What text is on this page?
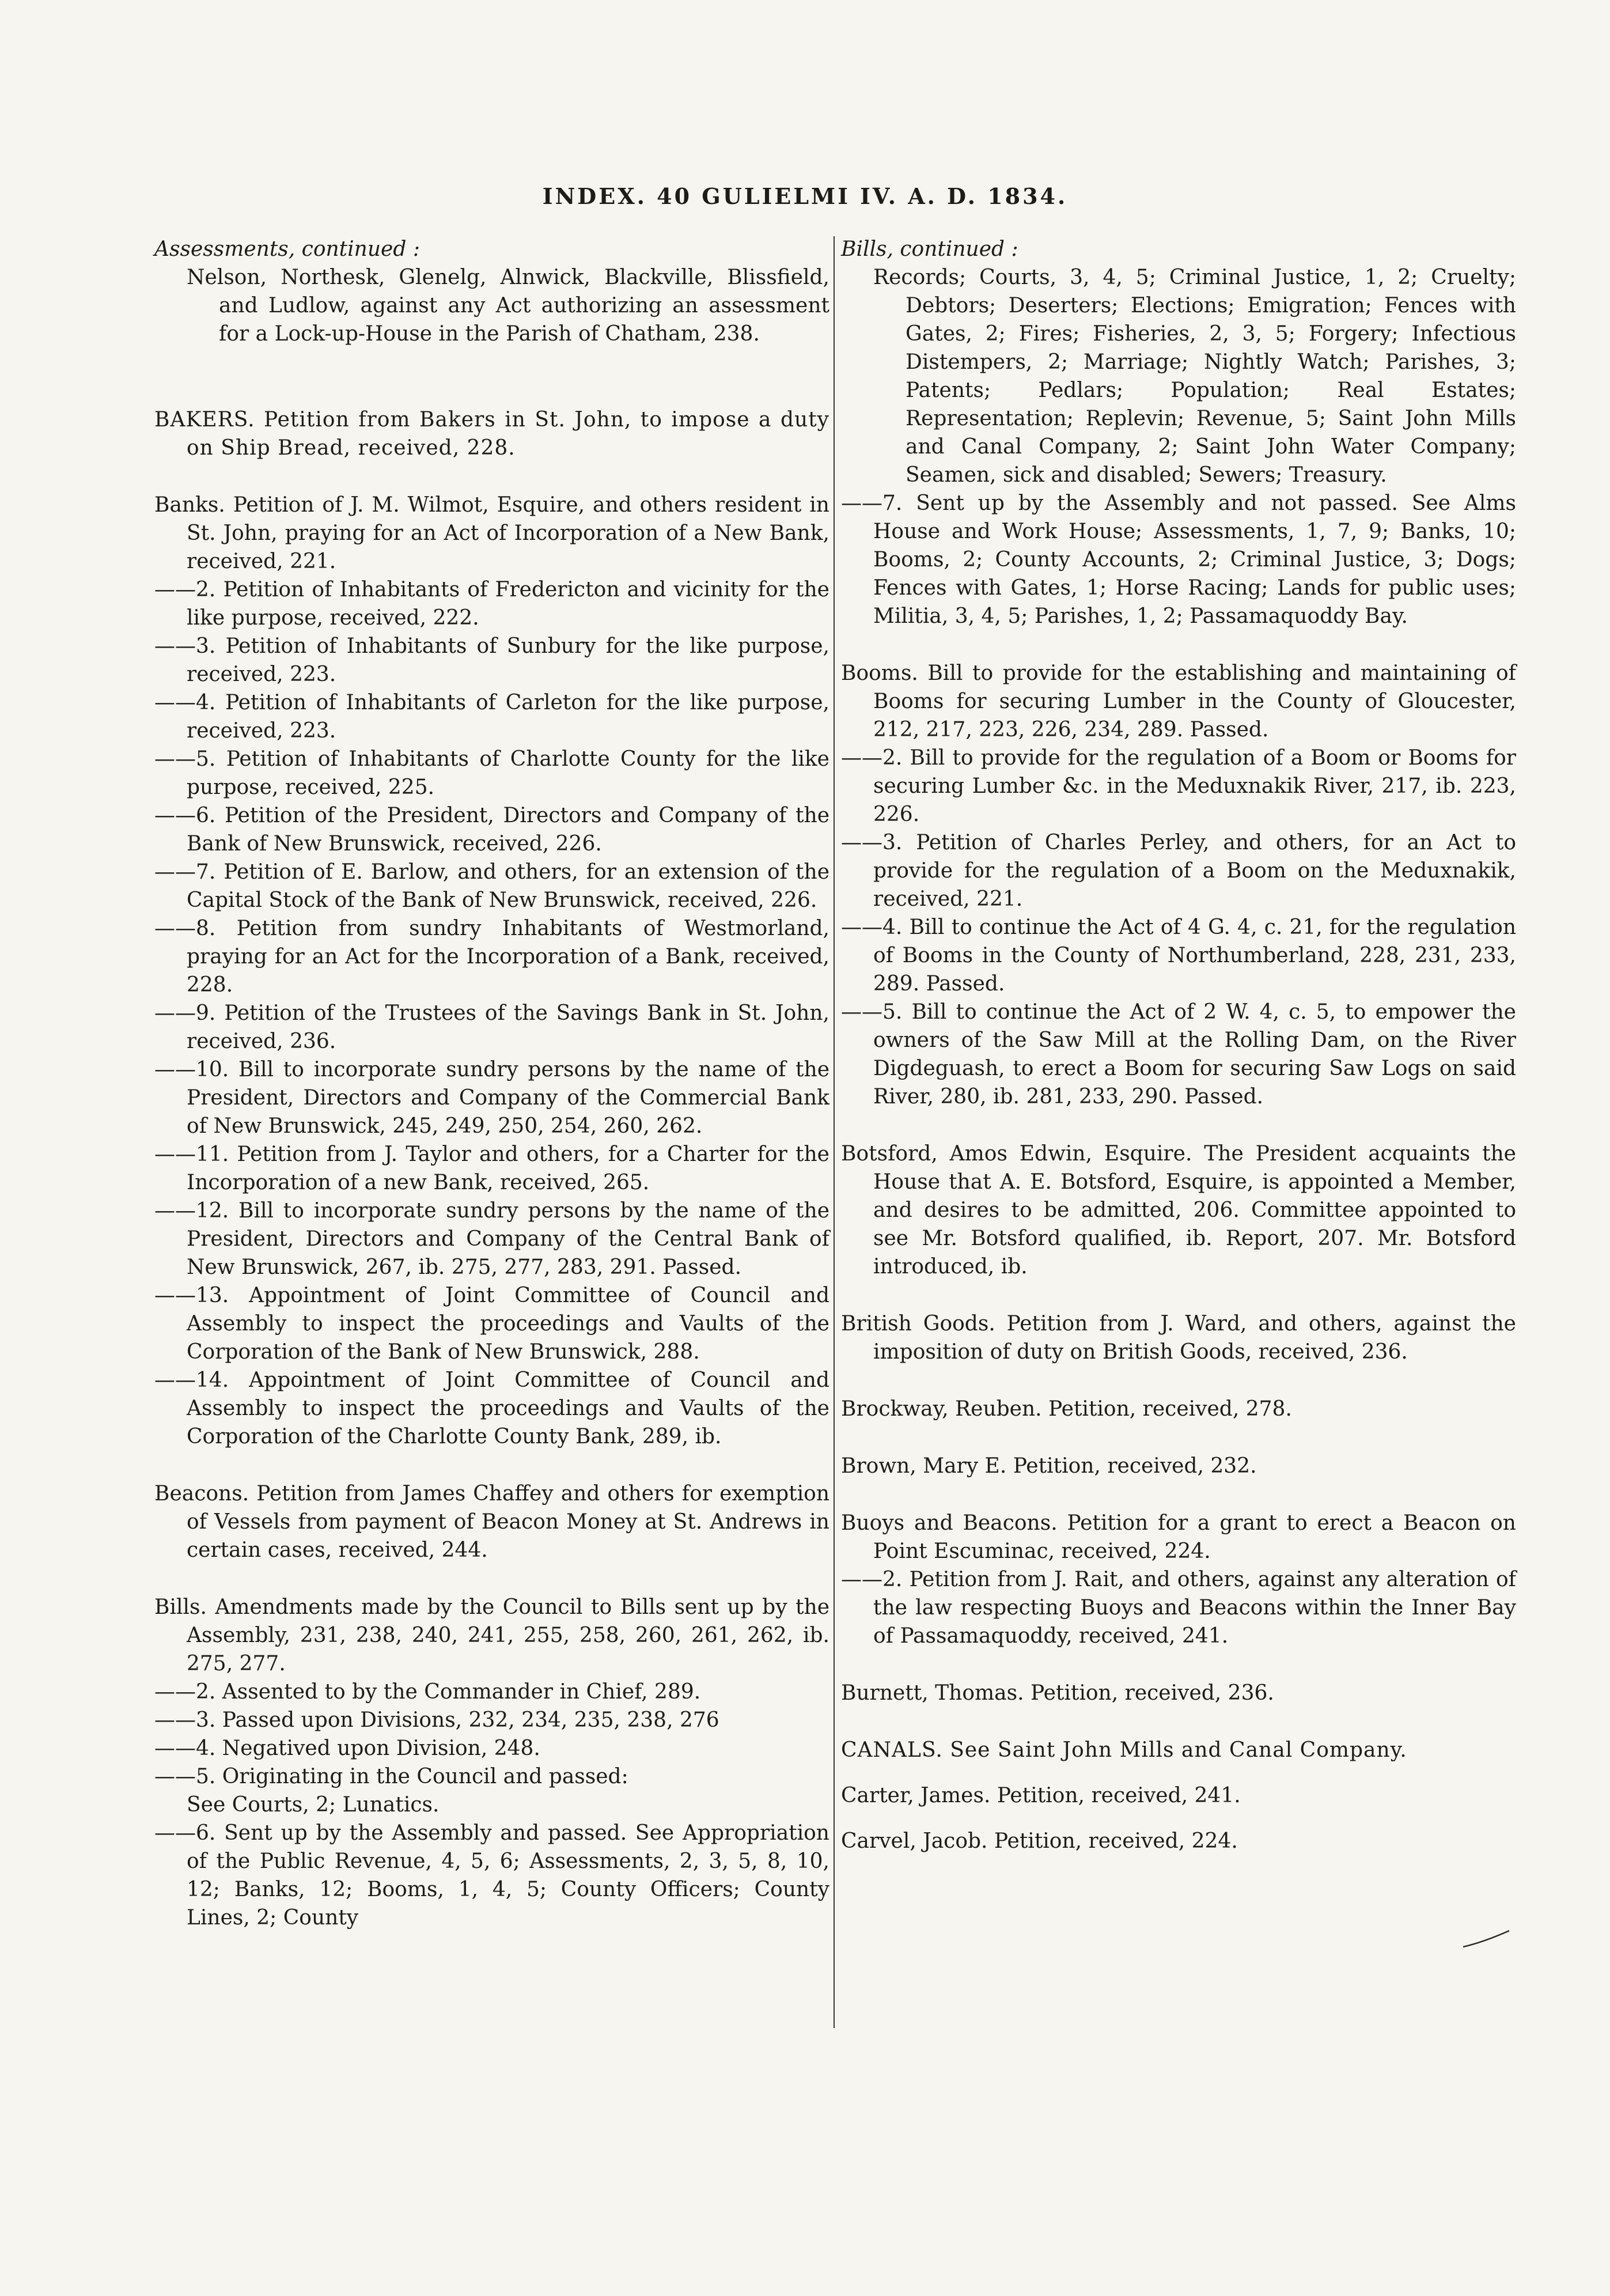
INDEX. 40 GULIELMI IV. A. D. 1834.

Assessments, continued :

Nelson, Northesk, Glenelg, Alnwick, Blackville, Blissfield, and Ludlow, against any Act authorizing an assessment for a Lock-up-House in the Parish of Chatham, 238.

BAKERS. Petition from Bakers in St. John, to impose a duty on Ship Bread, received, 228.

Banks. Petition of J. M. Wilmot, Esquire, and others resident in St. John, praying for an Act of Incorporation of a New Bank, received, 221.

——2. Petition of Inhabitants of Fredericton and vicinity for the like purpose, received, 222.

——3. Petition of Inhabitants of Sunbury for the like purpose, received, 223.

——4. Petition of Inhabitants of Carleton for the like purpose, received, 223.

——5. Petition of Inhabitants of Charlotte County for the like purpose, received, 225.

——6. Petition of the President, Directors and Company of the Bank of New Brunswick, received, 226.

——7. Petition of E. Barlow, and others, for an extension of the Capital Stock of the Bank of New Brunswick, received, 226.

——8. Petition from sundry Inhabitants of Westmorland, praying for an Act for the Incorporation of a Bank, received, 228.

——9. Petition of the Trustees of the Savings Bank in St. John, received, 236.

——10. Bill to incorporate sundry persons by the name of the President, Directors and Company of the Commercial Bank of New Brunswick, 245, 249, 250, 254, 260, 262.

——11. Petition from J. Taylor and others, for a Charter for the Incorporation of a new Bank, received, 265.

——12. Bill to incorporate sundry persons by the name of the President, Directors and Company of the Central Bank of New Brunswick, 267, ib. 275, 277, 283, 291. Passed.

——13. Appointment of Joint Committee of Council and Assembly to inspect the proceedings and Vaults of the Corporation of the Bank of New Brunswick, 288.

——14. Appointment of Joint Committee of Council and Assembly to inspect the proceedings and Vaults of the Corporation of the Charlotte County Bank, 289, ib.

Beacons. Petition from James Chaffey and others for exemption of Vessels from payment of Beacon Money at St. Andrews in certain cases, received, 244.

Bills. Amendments made by the Council to Bills sent up by the Assembly, 231, 238, 240, 241, 255, 258, 260, 261, 262, ib. 275, 277.

——2. Assented to by the Commander in Chief, 289.

——3. Passed upon Divisions, 232, 234, 235, 238, 276

——4. Negatived upon Division, 248.

——5. Originating in the Council and passed:

See Courts, 2; Lunatics.

——6. Sent up by the Assembly and passed. See Appropriation of the Public Revenue, 4, 5, 6; Assessments, 2, 3, 5, 8, 10, 12; Banks, 12; Booms, 1, 4, 5; County Officers; County Lines, 2; County

Bills, continued :

Records; Courts, 3, 4, 5; Criminal Justice, 1, 2; Cruelty; Debtors; Deserters; Elections; Emigration; Fences with Gates, 2; Fires; Fisheries, 2, 3, 5; Forgery; Infectious Distempers, 2; Marriage; Nightly Watch; Parishes, 3; Patents; Pedlars; Population; Real Estates; Representation; Replevin; Revenue, 5; Saint John Mills and Canal Company, 2; Saint John Water Company; Seamen, sick and disabled; Sewers; Treasury.

——7. Sent up by the Assembly and not passed. See Alms House and Work House; Assessments, 1, 7, 9; Banks, 10; Booms, 2; County Accounts, 2; Criminal Justice, 3; Dogs; Fences with Gates, 1; Horse Racing; Lands for public uses; Militia, 3, 4, 5; Parishes, 1, 2; Passamaquoddy Bay.

Booms. Bill to provide for the establishing and maintaining of Booms for securing Lumber in the County of Gloucester, 212, 217, 223, 226, 234, 289. Passed.

——2. Bill to provide for the regulation of a Boom or Booms for securing Lumber &c. in the Meduxnakik River, 217, ib. 223, 226.

——3. Petition of Charles Perley, and others, for an Act to provide for the regulation of a Boom on the Meduxnakik, received, 221.

——4. Bill to continue the Act of 4 G. 4, c. 21, for the regulation of Booms in the County of Northumberland, 228, 231, 233, 289. Passed.

——5. Bill to continue the Act of 2 W. 4, c. 5, to empower the owners of the Saw Mill at the Rolling Dam, on the River Digdeguash, to erect a Boom for securing Saw Logs on said River, 280, ib. 281, 233, 290. Passed.

Botsford, Amos Edwin, Esquire. The President acquaints the House that A. E. Botsford, Esquire, is appointed a Member, and desires to be admitted, 206. Committee appointed to see Mr. Botsford qualified, ib. Report, 207. Mr. Botsford introduced, ib.

British Goods. Petition from J. Ward, and others, against the imposition of duty on British Goods, received, 236.

Brockway, Reuben. Petition, received, 278.

Brown, Mary E. Petition, received, 232.

Buoys and Beacons. Petition for a grant to erect a Beacon on Point Escuminac, received, 224.

——2. Petition from J. Rait, and others, against any alteration of the law respecting Buoys and Beacons within the Inner Bay of Passamaquoddy, received, 241.

Burnett, Thomas. Petition, received, 236.

CANALS. See Saint John Mills and Canal Company.

Carter, James. Petition, received, 241.

Carvel, Jacob. Petition, received, 224.
